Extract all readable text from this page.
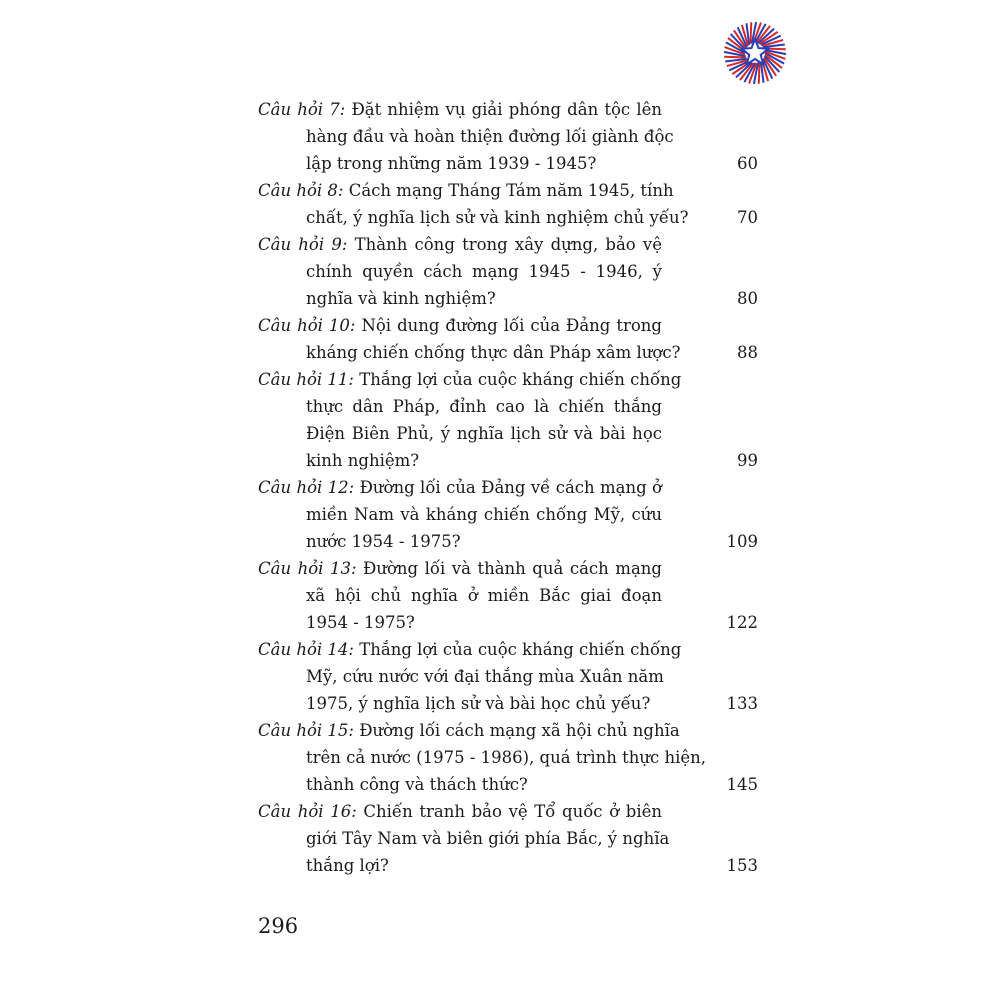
Câu hỏi 7: Đặt nhiệm vụ giải phóng dân tộc lên
hàng đầu và hoàn thiện đường lối giành độc
lập trong những năm 1939 - 1945?	60
Câu hỏi 8: Cách mạng Tháng Tám năm 1945, tính
chất, ý nghĩa lịch sử và kinh nghiệm chủ yếu?	70
Câu hỏi 9: Thành công trong xây dựng, bảo vệ
chính quyền cách mạng 1945 - 1946, ý
nghĩa và kinh nghiệm?	80
Câu hỏi 10: Nội dung đường lối của Đảng trong
kháng chiến chống thực dân Pháp xâm lược?	88
Câu hỏi 11: Thắng lợi của cuộc kháng chiến chống
thực dân Pháp, đỉnh cao là chiến thắng
Điện Biên Phủ, ý nghĩa lịch sử và bài học
kinh nghiệm?	99
Câu hỏi 12: Đường lối của Đảng về cách mạng ở
miền Nam và kháng chiến chống Mỹ, cứu
nước 1954 - 1975?	109
Câu hỏi 13: Đường lối và thành quả cách mạng
xã hội chủ nghĩa ở miền Bắc giai đoạn
1954 - 1975?	122
Câu hỏi 14: Thắng lợi của cuộc kháng chiến chống
Mỹ, cứu nước với đại thắng mùa Xuân năm
1975, ý nghĩa lịch sử và bài học chủ yếu?	133
Câu hỏi 15: Đường lối cách mạng xã hội chủ nghĩa
trên cả nước (1975 - 1986), quá trình thực hiện,
thành công và thách thức?	145
Câu hỏi 16: Chiến tranh bảo vệ Tổ quốc ở biên
giới Tây Nam và biên giới phía Bắc, ý nghĩa
thắng lợi?	153
296
